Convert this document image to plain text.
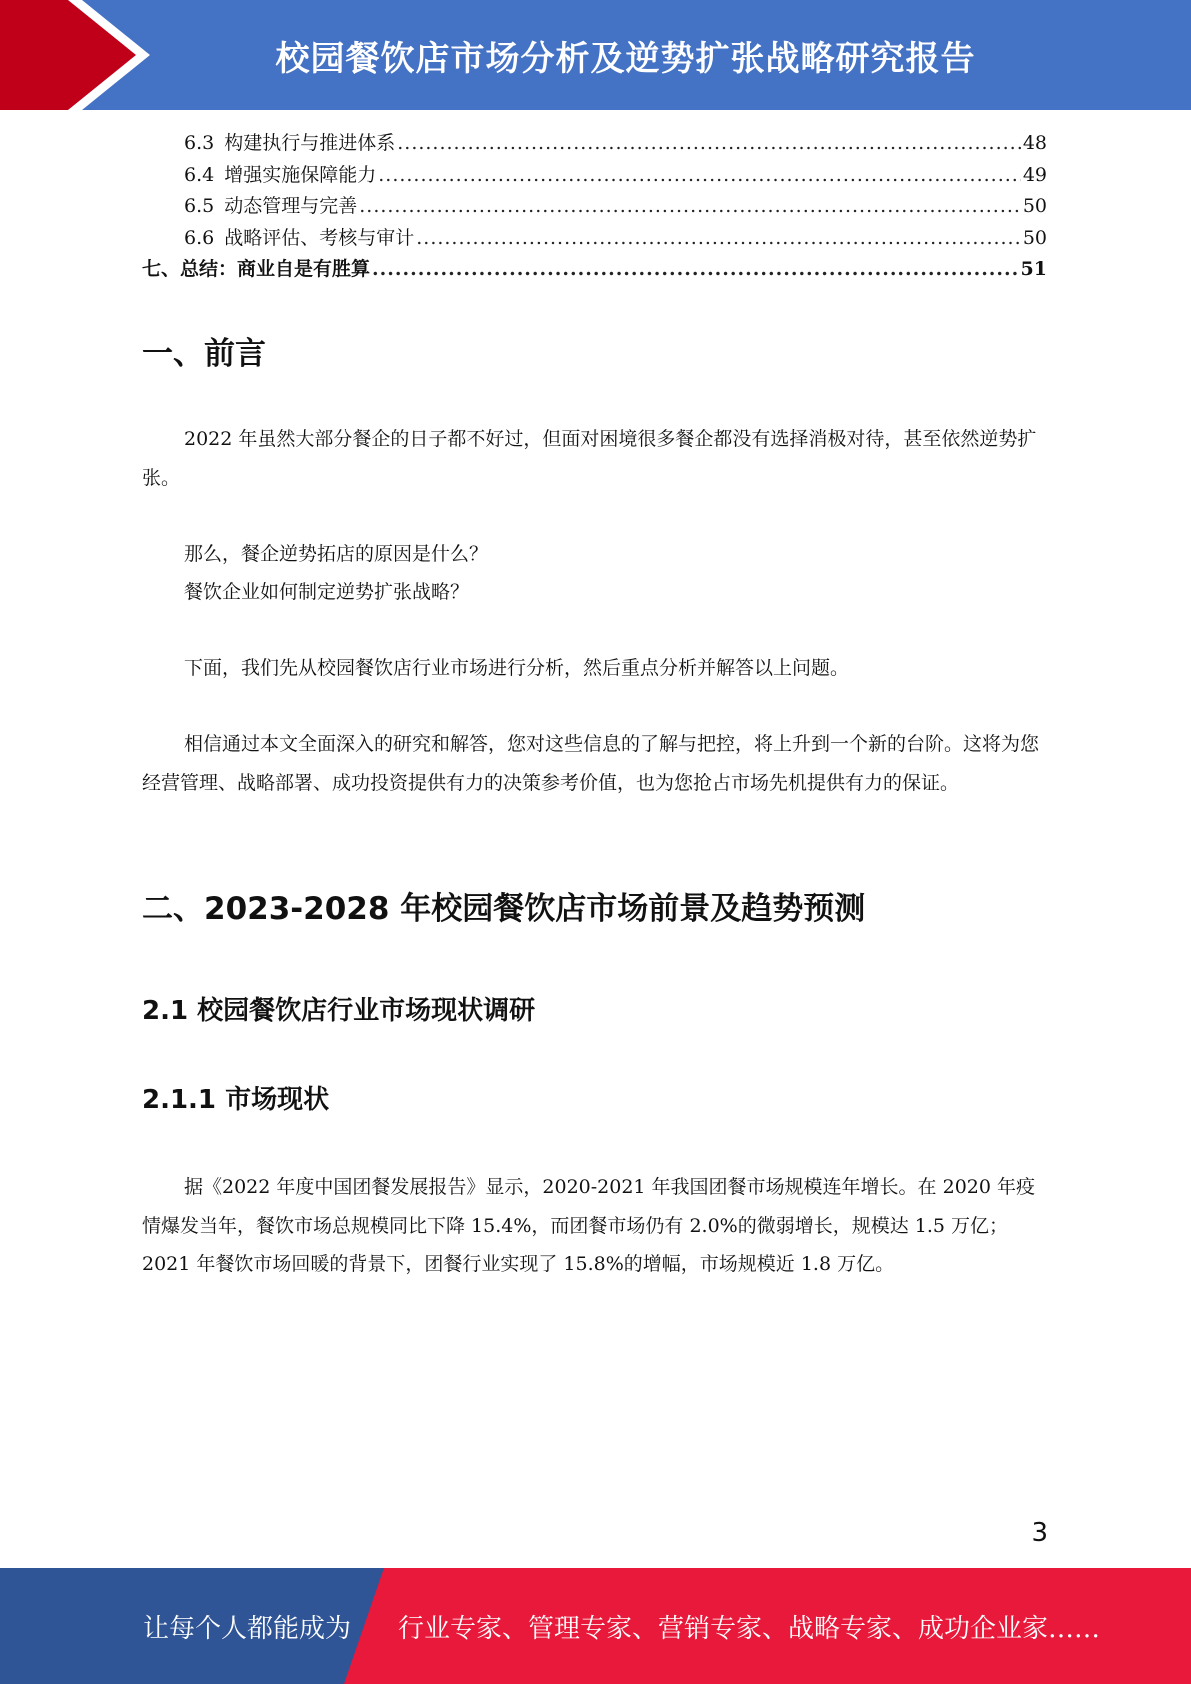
校园餐饮店市场分析及逆势扩张战略研究报告
6.3 构建执行与推进体系 .....	48
6.4 增强实施保障能力 .....	49
6.5 动态管理与完善 .....	50
6.6 战略评估、考核与审计 .....	50
七、总结：商业自是有胜算 .....	51
一、前言

2022 年虽然大部分餐企的日子都不好过，但面对困境很多餐企都没有选择消极对待，甚至依然逆势扩张。

那么，餐企逆势拓店的原因是什么？

餐饮企业如何制定逆势扩张战略？

下面，我们先从校园餐饮店行业市场进行分析，然后重点分析并解答以上问题。

相信通过本文全面深入的研究和解答，您对这些信息的了解与把控，将上升到一个新的台阶。这将为您经营管理、战略部署、成功投资提供有力的决策参考价值，也为您抢占市场先机提供有力的保证。

二、2023-2028 年校园餐饮店市场前景及趋势预测
2.1 校园餐饮店行业市场现状调研
2.1.1 市场现状

据《2022 年度中国团餐发展报告》显示，2020-2021 年我国团餐市场规模连年增长。在 2020 年疫情爆发当年，餐饮市场总规模同比下降 15.4%，而团餐市场仍有 2.0%的微弱增长，规模达 1.5 万亿；2021 年餐饮市场回暖的背景下，团餐行业实现了 15.8%的增幅，市场规模近 1.8 万亿。

3
让每个人都能成为 行业专家、管理专家、营销专家、战略专家、成功企业家……
